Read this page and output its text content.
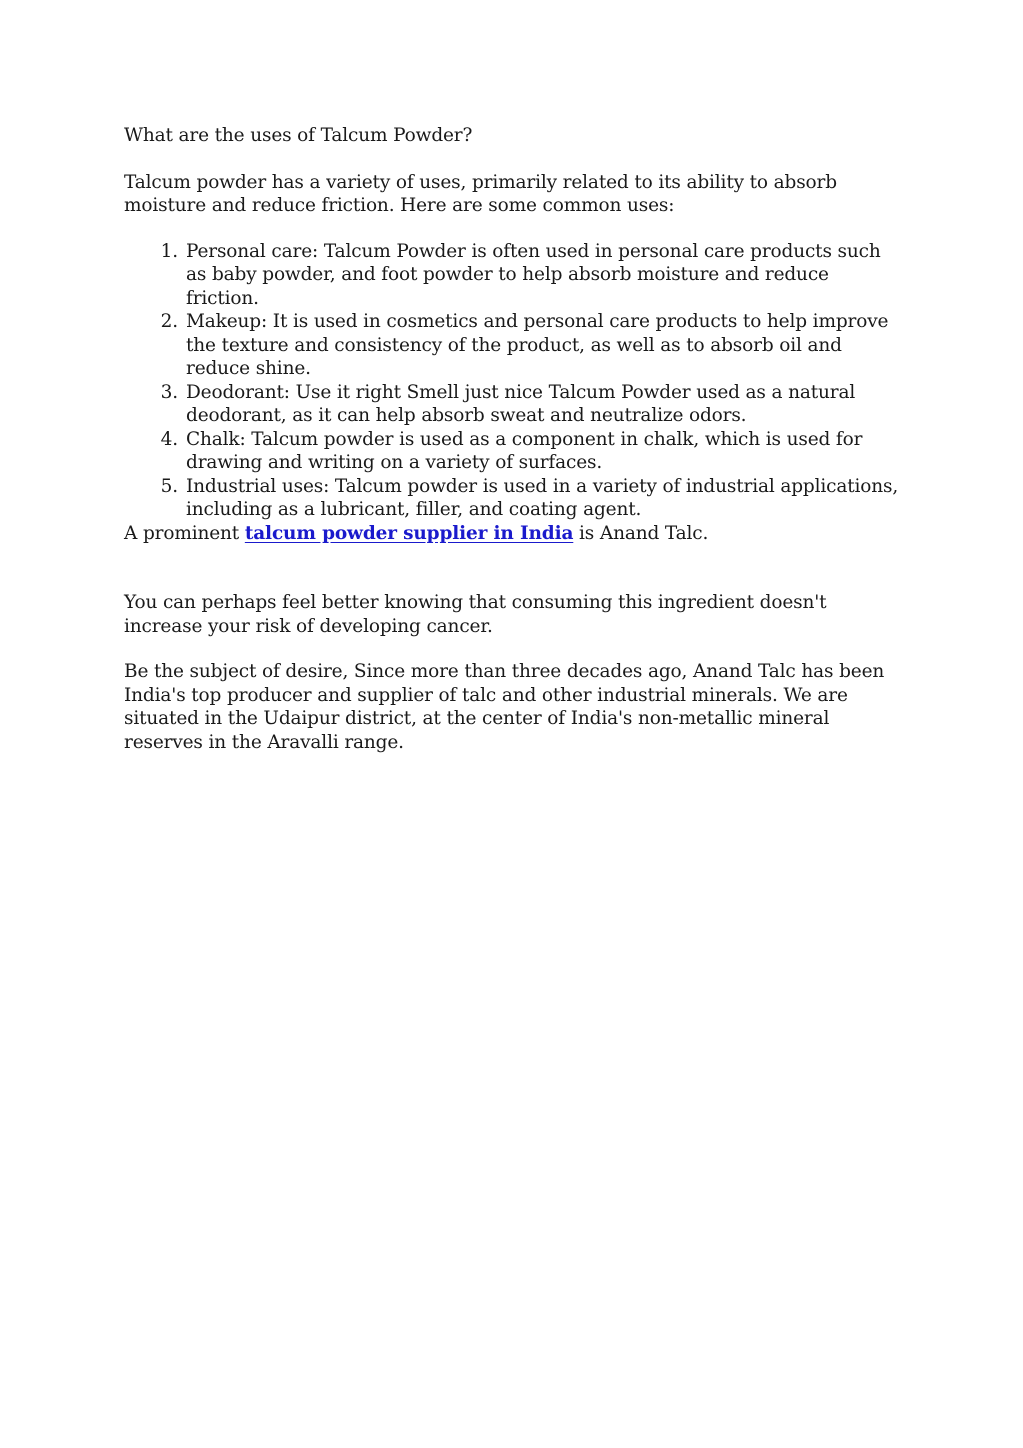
What are the uses of Talcum Powder?

Talcum powder has a variety of uses, primarily related to its ability to absorb moisture and reduce friction. Here are some common uses:

Personal care: Talcum Powder is often used in personal care products such as baby powder, and foot powder to help absorb moisture and reduce friction.
Makeup: It is used in cosmetics and personal care products to help improve the texture and consistency of the product, as well as to absorb oil and reduce shine.
Deodorant: Use it right Smell just nice Talcum Powder used as a natural deodorant, as it can help absorb sweat and neutralize odors.
Chalk: Talcum powder is used as a component in chalk, which is used for drawing and writing on a variety of surfaces.
Industrial uses: Talcum powder is used in a variety of industrial applications, including as a lubricant, filler, and coating agent.

A prominent talcum powder supplier in India is Anand Talc.

You can perhaps feel better knowing that consuming this ingredient doesn't increase your risk of developing cancer.

Be the subject of desire, Since more than three decades ago, Anand Talc has been India's top producer and supplier of talc and other industrial minerals. We are situated in the Udaipur district, at the center of India's non-metallic mineral reserves in the Aravalli range.
